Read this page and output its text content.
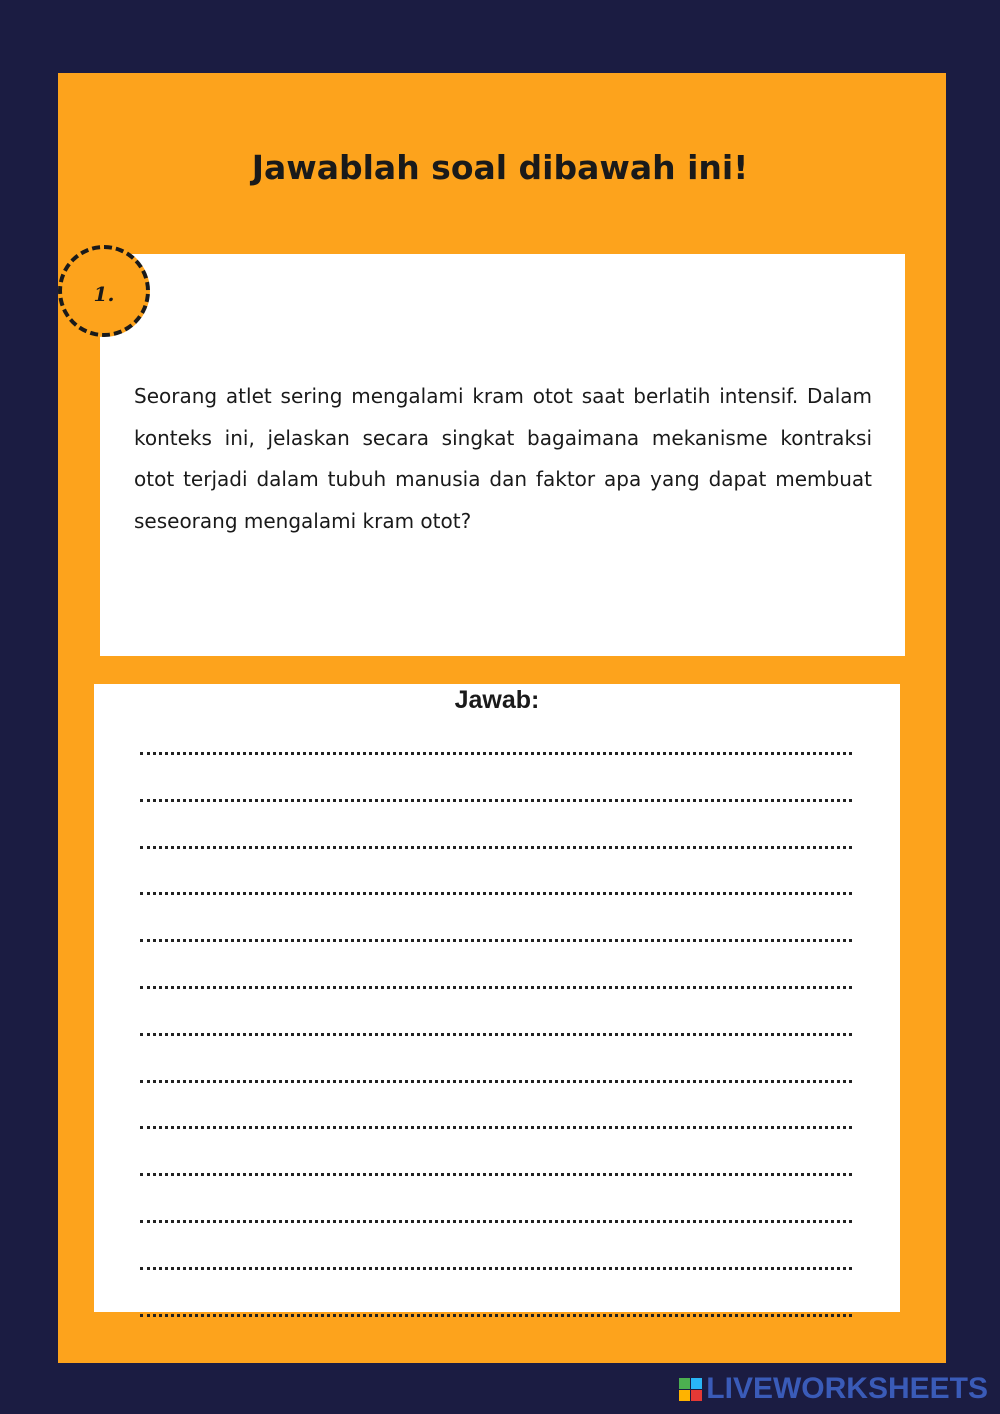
Jawablah soal dibawah ini!
1.

Seorang atlet sering mengalami kram otot saat berlatih intensif. Dalam konteks ini, jelaskan secara singkat bagaimana mekanisme kontraksi otot terjadi dalam tubuh manusia dan faktor apa yang dapat membuat seseorang mengalami kram otot?

Jawab:
LIVEWORKSHEETS
